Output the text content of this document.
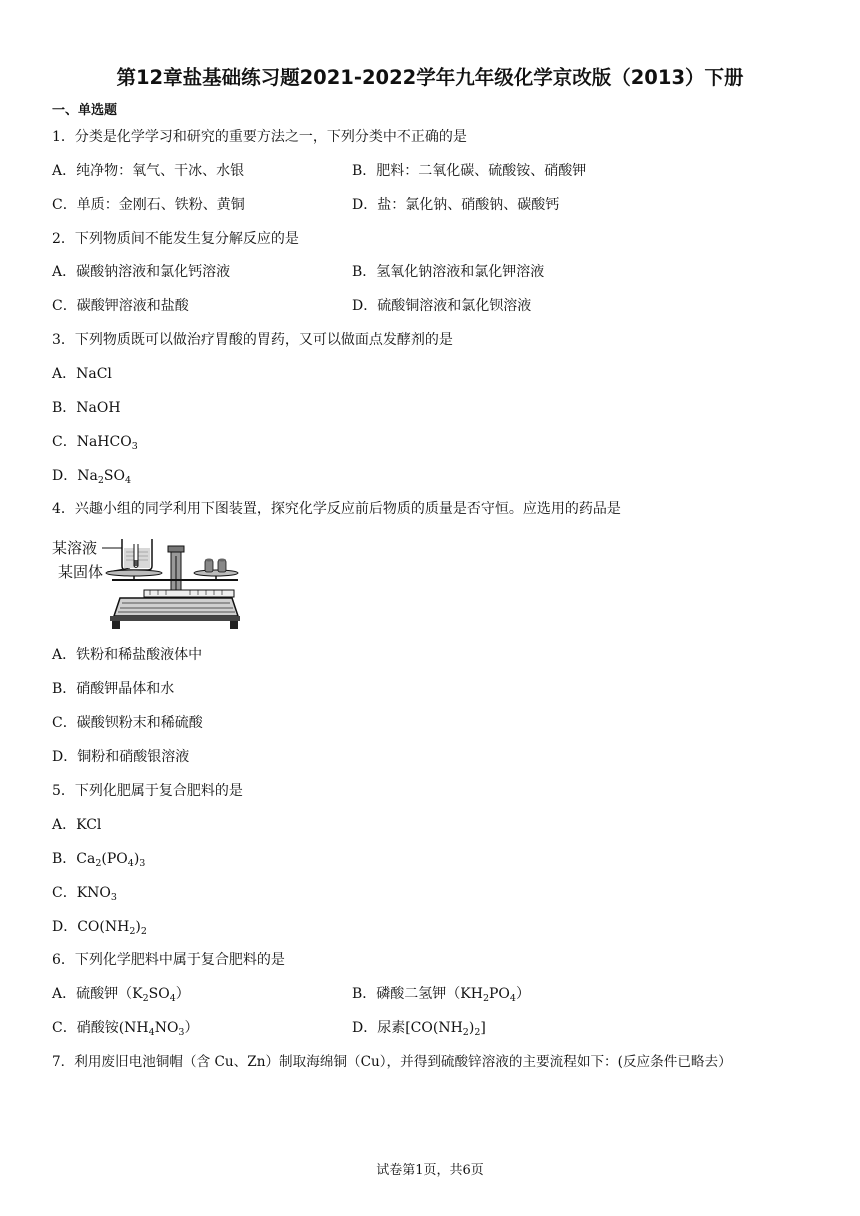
第12章盐基础练习题2021-2022学年九年级化学京改版（2013）下册
一、单选题
1．分类是化学学习和研究的重要方法之一，下列分类中不正确的是
A．纯净物：氧气、干冰、水银	B．肥料：二氧化碳、硫酸铵、硝酸钾
C．单质：金刚石、铁粉、黄铜	D．盐：氯化钠、硝酸钠、碳酸钙
2．下列物质间不能发生复分解反应的是
A．碳酸钠溶液和氯化钙溶液	B．氢氧化钠溶液和氯化钾溶液
C．碳酸钾溶液和盐酸	D．硫酸铜溶液和氯化钡溶液
3．下列物质既可以做治疗胃酸的胃药，又可以做面点发酵剂的是
A．NaCl
B．NaOH
C．NaHCO$_3$
D．$Na_2SO_4$
4．兴趣小组的同学利用下图装置，探究化学反应前后物质的质量是否守恒。应选用的药品是
某溶液
某固体
A．铁粉和稀盐酸液体中
B．硝酸钾晶体和水
C．碳酸钡粉末和稀硫酸
D．铜粉和硝酸银溶液
5．下列化肥属于复合肥料的是
A．KCl
B．$Ca_2(PO_4)_3$
C．$KNO_3$
D．$CO(NH_2)_2$
6．下列化学肥料中属于复合肥料的是
A．硫酸钾$(K_2SO_4)$	B．磷酸二氢钾$(KH_2PO_4)$
C．硝酸铵$(NH_4NO_3)$	D．尿素$[CO(NH_2)_2]$
7．利用废旧电池铜帽（含 Cu、Zn）制取海绵铜（Cu），并得到硫酸锌溶液的主要流程如下：(反应条件已略去）
试卷第1页，共6页
